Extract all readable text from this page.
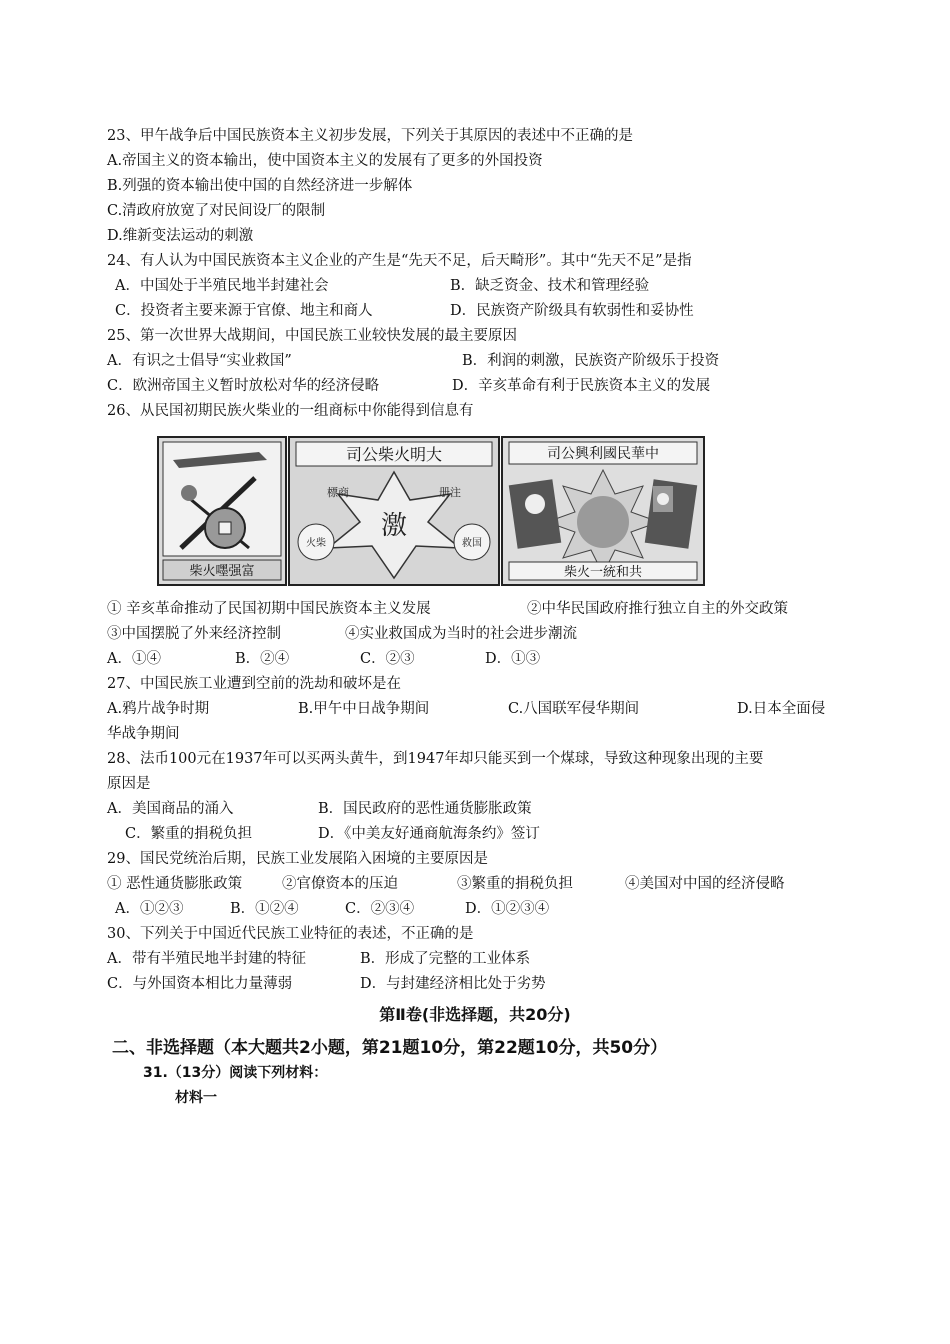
23、甲午战争后中国民族资本主义初步发展，下列关于其原因的表述中不正确的是
A.帝国主义的资本输出，使中国资本主义的发展有了更多的外国投资
B.列强的资本输出使中国的自然经济进一步解体
C.清政府放宽了对民间设厂的限制
D.维新变法运动的刺激
24、有人认为中国民族资本主义企业的产生是“先天不足，后天畸形”。其中“先天不足”是指
A．中国处于半殖民地半封建社会	B．缺乏资金、技术和管理经验
C．投资者主要来源于官僚、地主和商人	D．民族资产阶级具有软弱性和妥协性
25、第一次世界大战期间，中国民族工业较快发展的最主要原因
A．有识之士倡导“实业救国”	B．利润的刺激，民族资产阶级乐于投资
C．欧洲帝国主义暂时放松对华的经济侵略	D．辛亥革命有利于民族资本主义的发展
26、从民国初期民族火柴业的一组商标中你能得到信息有
柴火嚜强富
司公柴火明大
激
標商	册注
火柴	救国
司公興利國民華中
柴火一統和共
① 辛亥革命推动了民国初期中国民族资本主义发展	②中华民国政府推行独立自主的外交政策
③中国摆脱了外来经济控制	④实业救国成为当时的社会进步潮流
A．①④	B．②④	C．②③	D．①③
27、中国民族工业遭到空前的洗劫和破坏是在
A.鸦片战争时期	B.甲午中日战争期间	C.八国联军侵华期间	D.日本全面侵
华战争期间
28、法币100元在1937年可以买两头黄牛，到1947年却只能买到一个煤球，导致这种现象出现的主要
原因是
A．美国商品的涌入	B．国民政府的恶性通货膨胀政策
C．繁重的捐税负担	D．《中美友好通商航海条约》签订
29、国民党统治后期，民族工业发展陷入困境的主要原因是
① 恶性通货膨胀政策	②官僚资本的压迫	③繁重的捐税负担	④美国对中国的经济侵略
A．①②③	B．①②④	C．②③④	D．①②③④
30、下列关于中国近代民族工业特征的表述，不正确的是
A．带有半殖民地半封建的特征	B．形成了完整的工业体系
C．与外国资本相比力量薄弱	D．与封建经济相比处于劣势
第Ⅱ卷(非选择题，共20分)
二、非选择题（本大题共2小题，第21题10分，第22题10分，共50分）
31.（13分）阅读下列材料：
材料一
